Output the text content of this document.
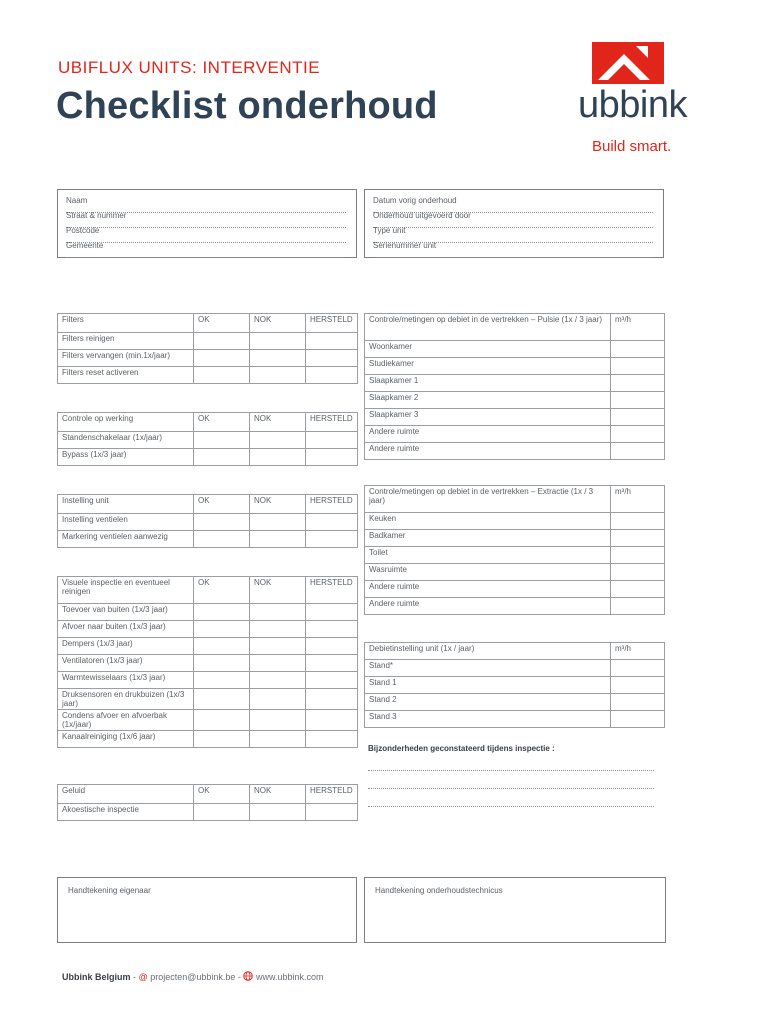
UBIFLUX UNITS: INTERVENTIE
Checklist onderhoud	ubbink
Build smart.
Naam
Straat & nummer
Postcode
Gemeente
Datum vorig onderhoud
Onderhoud uitgevoerd door
Type unit
Serienummer unit
Filters	OK	NOK	HERSTELD
Filters reinigen			
Filters vervangen (min.1x/jaar)			
Filters reset activeren			
Controle op werking	OK	NOK	HERSTELD
Standenschakelaar (1x/jaar)			
Bypass (1x/3 jaar)			
Instelling unit	OK	NOK	HERSTELD
Instelling ventielen			
Markering ventielen aanwezig			
Visuele inspectie en eventueel reinigen	OK	NOK	HERSTELD
Toevoer van buiten (1x/3 jaar)			
Afvoer naar buiten (1x/3 jaar)			
Dempers (1x/3 jaar)			
Ventilatoren (1x/3 jaar)			
Warmtewisselaars (1x/3 jaar)			
Druksensoren en drukbuizen (1x/3 jaar)			
Condens afvoer en afvoerbak (1x/jaar)			
Kanaalreiniging (1x/6 jaar)			
Geluid	OK	NOK	HERSTELD
Akoestische inspectie			
Controle/metingen op debiet in de vertrekken – Pulsie (1x / 3 jaar)	m³/h
Woonkamer	
Studiekamer	
Slaapkamer 1	
Slaapkamer 2	
Slaapkamer 3	
Andere ruimte	
Andere ruimte	
Controle/metingen op debiet in de vertrekken – Extractie (1x / 3 jaar)	m³/h
Keuken	
Badkamer	
Toilet	
Wasruimte	
Andere ruimte	
Andere ruimte	
Debietinstelling unit (1x / jaar)	m³/h
Stand*	
Stand 1	
Stand 2	
Stand 3	
Bijzonderheden geconstateerd tijdens inspectie :
Handtekening eigenaar	Handtekening onderhoudstechnicus
Ubbink Belgium - @ projecten@ubbink.be - www.ubbink.com
